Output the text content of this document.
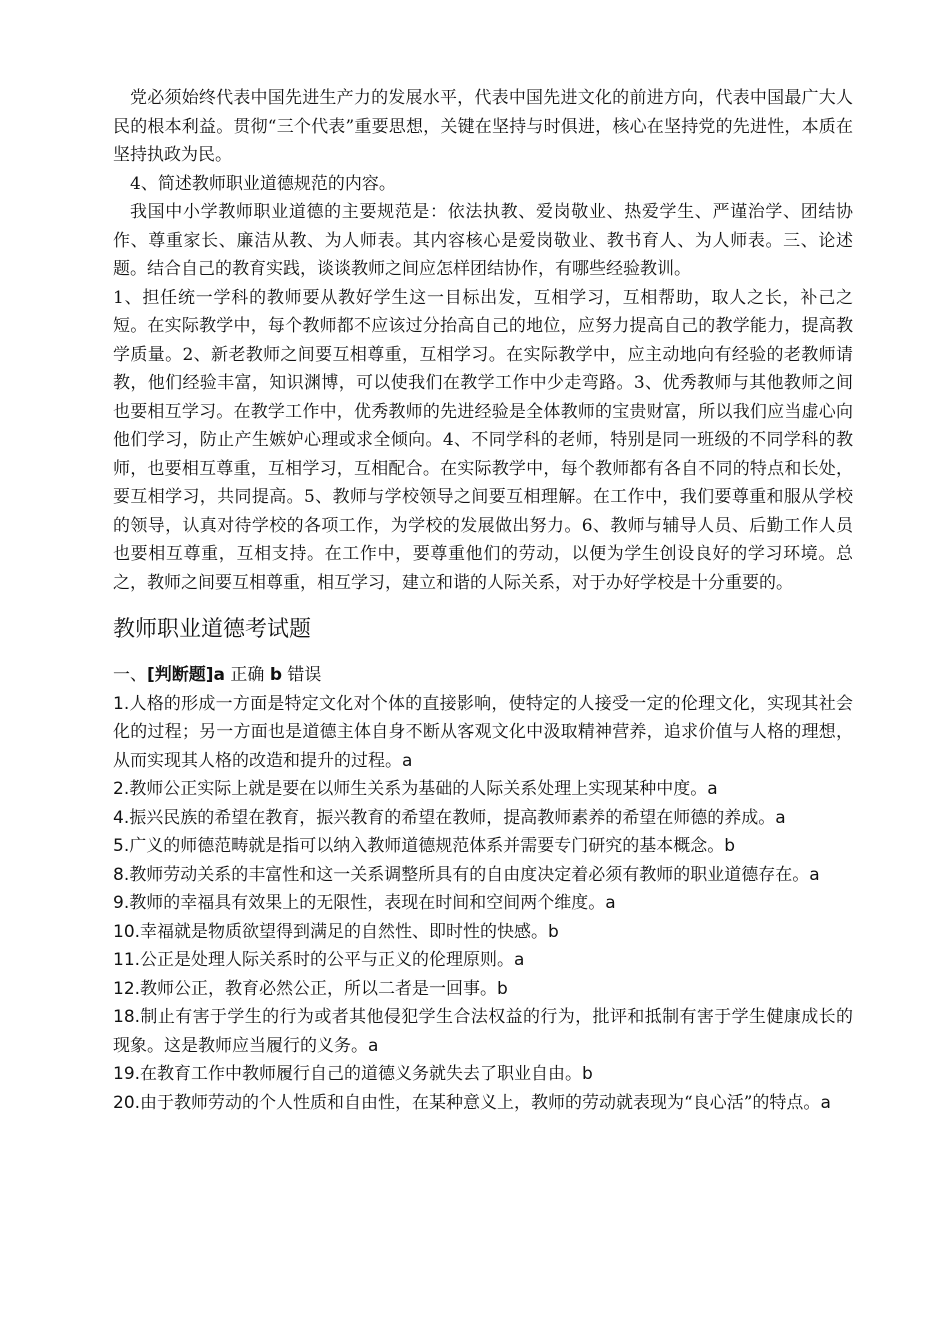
党必须始终代表中国先进生产力的发展水平，代表中国先进文化的前进方向，代表中国最广大人民的根本利益。贯彻“三个代表”重要思想，关键在坚持与时俱进，核心在坚持党的先进性，本质在坚持执政为民。

4、简述教师职业道德规范的内容。

我国中小学教师职业道德的主要规范是：依法执教、爱岗敬业、热爱学生、严谨治学、团结协作、尊重家长、廉洁从教、为人师表。其内容核心是爱岗敬业、教书育人、为人师表。三、论述题。结合自己的教育实践，谈谈教师之间应怎样团结协作，有哪些经验教训。

1、担任统一学科的教师要从教好学生这一目标出发，互相学习，互相帮助，取人之长，补己之短。在实际教学中，每个教师都不应该过分抬高自己的地位，应努力提高自己的教学能力，提高教学质量。2、新老教师之间要互相尊重，互相学习。在实际教学中，应主动地向有经验的老教师请教，他们经验丰富，知识渊博，可以使我们在教学工作中少走弯路。3、优秀教师与其他教师之间也要相互学习。在教学工作中，优秀教师的先进经验是全体教师的宝贵财富，所以我们应当虚心向他们学习，防止产生嫉妒心理或求全倾向。4、不同学科的老师，特别是同一班级的不同学科的教师，也要相互尊重，互相学习，互相配合。在实际教学中，每个教师都有各自不同的特点和长处，要互相学习，共同提高。5、教师与学校领导之间要互相理解。在工作中，我们要尊重和服从学校的领导，认真对待学校的各项工作，为学校的发展做出努力。6、教师与辅导人员、后勤工作人员也要相互尊重，互相支持。在工作中，要尊重他们的劳动，以便为学生创设良好的学习环境。总之，教师之间要互相尊重，相互学习，建立和谐的人际关系，对于办好学校是十分重要的。

教师职业道德考试题

一、[判断题]a 正确 b 错误

1.人格的形成一方面是特定文化对个体的直接影响，使特定的人接受一定的伦理文化，实现其社会化的过程；另一方面也是道德主体自身不断从客观文化中汲取精神营养，追求价值与人格的理想，从而实现其人格的改造和提升的过程。a

2.教师公正实际上就是要在以师生关系为基础的人际关系处理上实现某种中度。a

4.振兴民族的希望在教育，振兴教育的希望在教师，提高教师素养的希望在师德的养成。a

5.广义的师德范畴就是指可以纳入教师道德规范体系并需要专门研究的基本概念。b

8.教师劳动关系的丰富性和这一关系调整所具有的自由度决定着必须有教师的职业道德存在。a

9.教师的幸福具有效果上的无限性，表现在时间和空间两个维度。a

10.幸福就是物质欲望得到满足的自然性、即时性的快感。b

11.公正是处理人际关系时的公平与正义的伦理原则。a

12.教师公正，教育必然公正，所以二者是一回事。b

18.制止有害于学生的行为或者其他侵犯学生合法权益的行为，批评和抵制有害于学生健康成长的现象。这是教师应当履行的义务。a

19.在教育工作中教师履行自己的道德义务就失去了职业自由。b

20.由于教师劳动的个人性质和自由性，在某种意义上，教师的劳动就表现为“良心活”的特点。a
